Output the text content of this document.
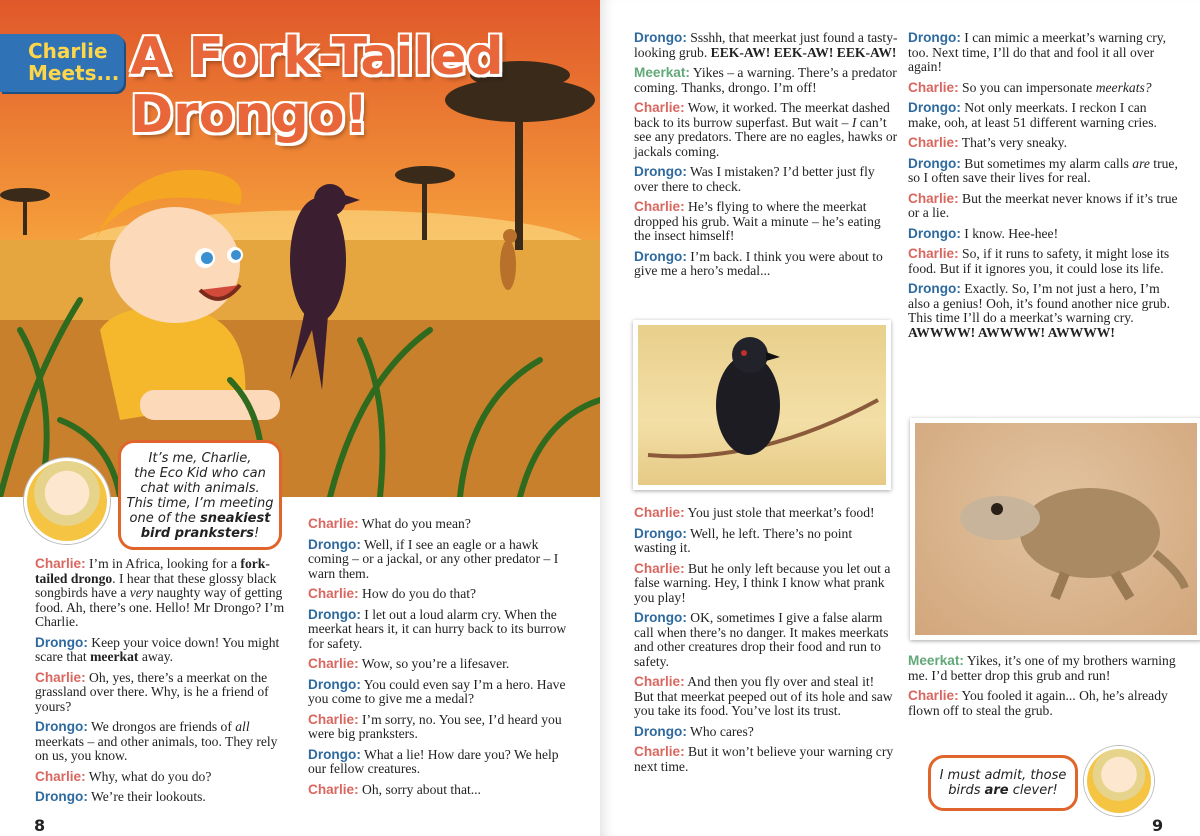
Charlie Meets... A Fork-Tailed
Drongo!
It’s me, Charlie,
the Eco Kid who can
chat with animals.
This time, I’m meeting
one of the sneakiest
bird pranksters!

Charlie : I’m in Africa, looking for a fork-tailed drongo. I hear that these glossy black songbirds have a very naughty way of getting food. Ah, there’s one. Hello! Mr Drongo? I’m Charlie.

Drongo : Keep your voice down! You might scare that meerkat away.

Charlie : Oh, yes, there’s a meerkat on the grassland over there. Why, is he a friend of yours?

Drongo : We drongos are friends of all meerkats – and other animals, too. They rely on us, you know.

Charlie : Why, what do you do?

Drongo : We’re their lookouts.

Charlie : What do you mean?

Drongo : Well, if I see an eagle or a hawk coming – or a jackal, or any other predator – I warn them.

Charlie : How do you do that?

Drongo : I let out a loud alarm cry. When the meerkat hears it, it can hurry back to its burrow for safety.

Charlie : Wow, so you’re a lifesaver.

Drongo : You could even say I’m a hero. Have you come to give me a medal?

Charlie : I’m sorry, no. You see, I’d heard you were big pranksters.

Drongo : What a lie! How dare you? We help our fellow creatures.

Charlie : Oh, sorry about that...

8

Drongo : Ssshh, that meerkat just found a tasty-looking grub. EEK-AW! EEK-AW! EEK-AW!

Meerkat : Yikes – a warning. There’s a predator coming. Thanks, drongo. I’m off!

Charlie : Wow, it worked. The meerkat dashed back to its burrow superfast. But wait – I can’t see any predators. There are no eagles, hawks or jackals coming.

Drongo : Was I mistaken? I’d better just fly over there to check.

Charlie : He’s flying to where the meerkat dropped his grub. Wait a minute – he’s eating the insect himself!

Drongo : I’m back. I think you were about to give me a hero’s medal...

Charlie : You just stole that meerkat’s food!

Drongo : Well, he left. There’s no point wasting it.

Charlie : But he only left because you let out a false warning. Hey, I think I know what prank you play!

Drongo : OK, sometimes I give a false alarm call when there’s no danger. It makes meerkats and other creatures drop their food and run to safety.

Charlie : And then you fly over and steal it! But that meerkat peeped out of its hole and saw you take its food. You’ve lost its trust.

Drongo : Who cares?

Charlie : But it won’t believe your warning cry next time.

Drongo : I can mimic a meerkat’s warning cry, too. Next time, I’ll do that and fool it all over again!

Charlie : So you can impersonate meerkats?

Drongo : Not only meerkats. I reckon I can make, ooh, at least 51 different warning cries.

Charlie : That’s very sneaky.

Drongo : But sometimes my alarm calls are true, so I often save their lives for real.

Charlie : But the meerkat never knows if it’s true or a lie.

Drongo : I know. Hee-hee!

Charlie : So, if it runs to safety, it might lose its food. But if it ignores you, it could lose its life.

Drongo : Exactly. So, I’m not just a hero, I’m also a genius! Ooh, it’s found another nice grub. This time I’ll do a meerkat’s warning cry. AWWWW! AWWWW! AWWWW!

Meerkat : Yikes, it’s one of my brothers warning me. I’d better drop this grub and run!

Charlie : You fooled it again... Oh, he’s already flown off to steal the grub.

I must admit, those
birds are clever!
9
